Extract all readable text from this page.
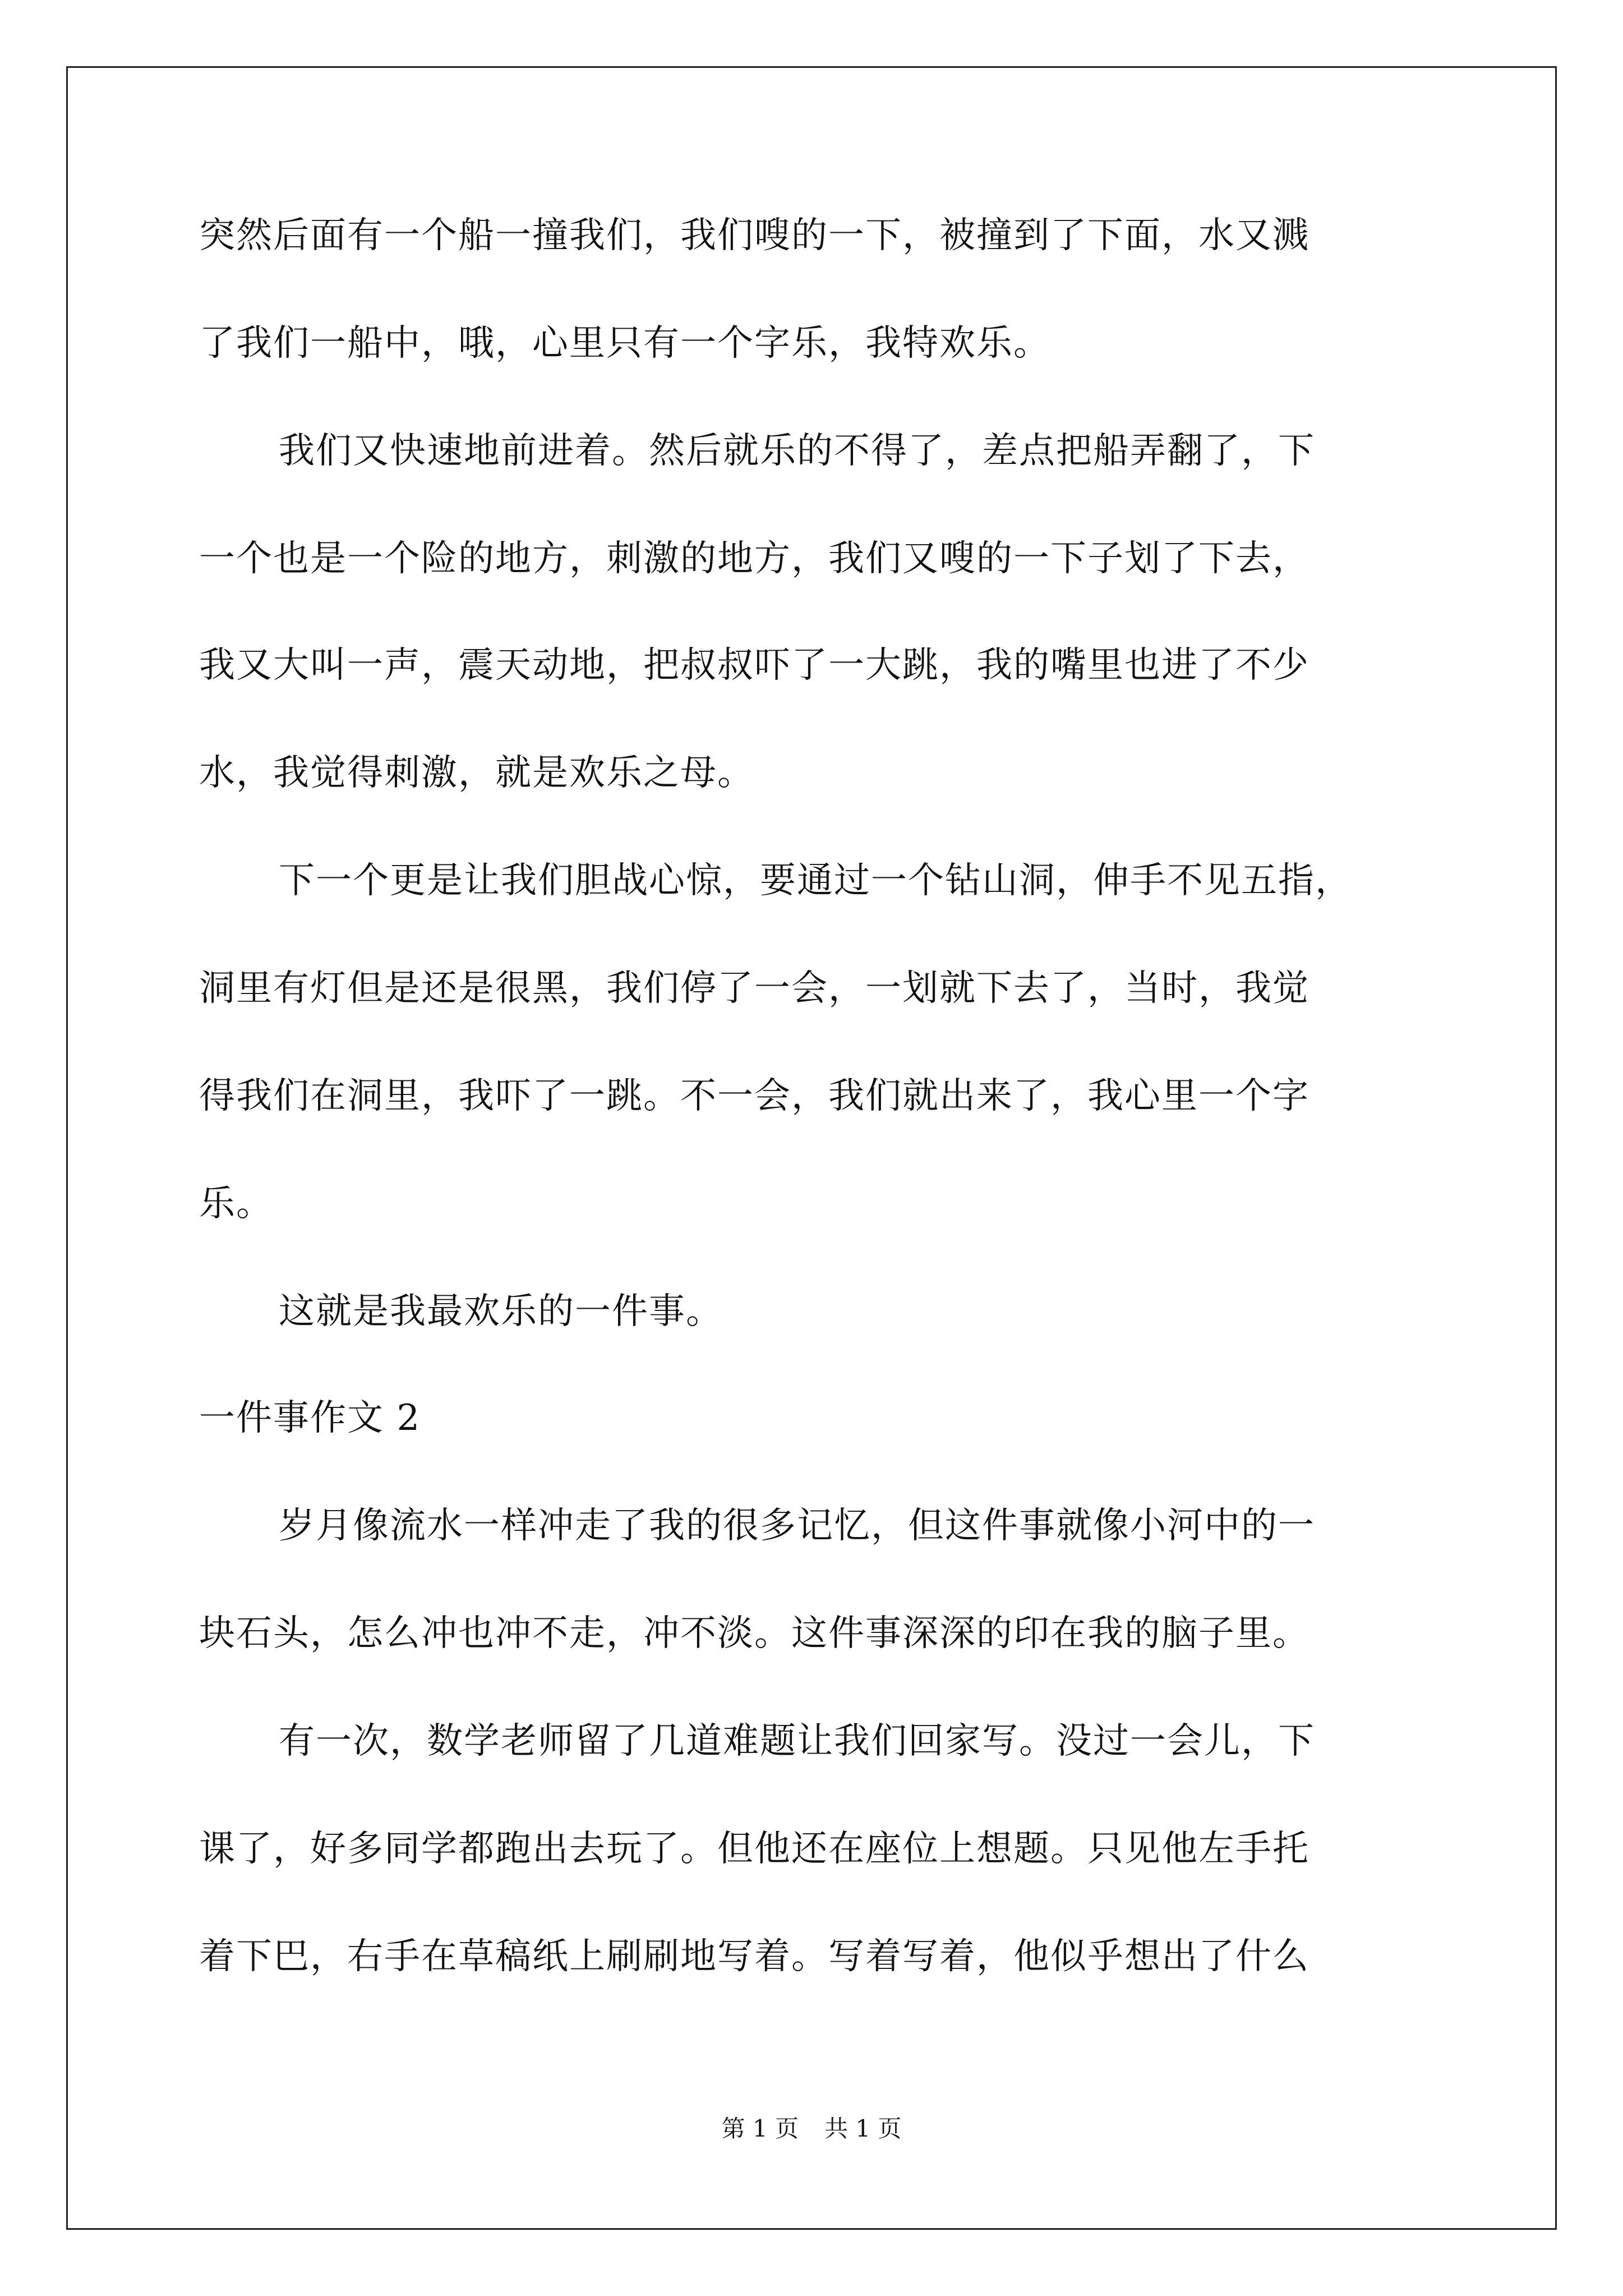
突然后面有一个船一撞我们，我们嗖的一下，被撞到了下面，水又溅
了我们一船中，哦，心里只有一个字乐，我特欢乐。
我们又快速地前进着。然后就乐的不得了，差点把船弄翻了，下
一个也是一个险的地方，刺激的地方，我们又嗖的一下子划了下去，
我又大叫一声，震天动地，把叔叔吓了一大跳，我的嘴里也进了不少
水，我觉得刺激，就是欢乐之母。
下一个更是让我们胆战心惊，要通过一个钻山洞，伸手不见五指，
洞里有灯但是还是很黑，我们停了一会，一划就下去了，当时，我觉
得我们在洞里，我吓了一跳。不一会，我们就出来了，我心里一个字
乐。
这就是我最欢乐的一件事。
一件事作文 2
岁月像流水一样冲走了我的很多记忆，但这件事就像小河中的一
块石头，怎么冲也冲不走，冲不淡。这件事深深的印在我的脑子里。
有一次，数学老师留了几道难题让我们回家写。没过一会儿，下
课了，好多同学都跑出去玩了。但他还在座位上想题。只见他左手托
着下巴，右手在草稿纸上刷刷地写着。写着写着，他似乎想出了什么
第 1 页 共 1 页
